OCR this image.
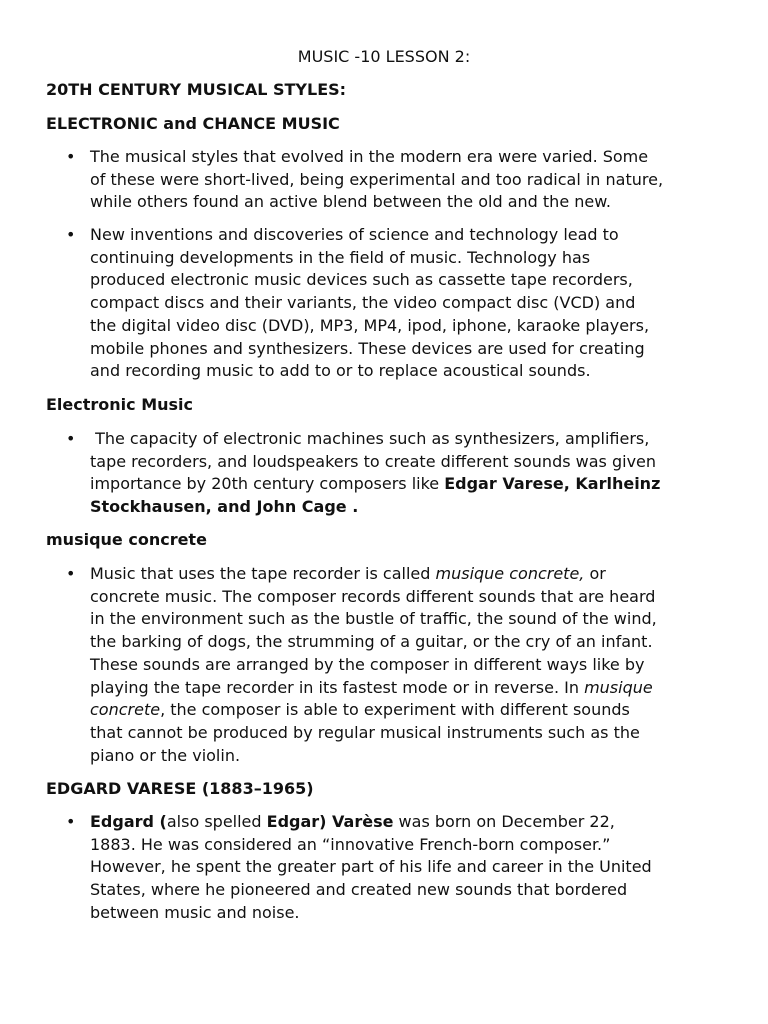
MUSIC -10 LESSON 2:
20TH CENTURY MUSICAL STYLES:
ELECTRONIC and CHANCE MUSIC
• The musical styles that evolved in the modern era were varied. Some
of these were short-lived, being experimental and too radical in nature,
while others found an active blend between the old and the new.
• New inventions and discoveries of science and technology lead to
continuing developments in the field of music. Technology has
produced electronic music devices such as cassette tape recorders,
compact discs and their variants, the video compact disc (VCD) and
the digital video disc (DVD), MP3, MP4, ipod, iphone, karaoke players,
mobile phones and synthesizers. These devices are used for creating
and recording music to add to or to replace acoustical sounds.
Electronic Music
• The capacity of electronic machines such as synthesizers, amplifiers,
tape recorders, and loudspeakers to create different sounds was given
importance by 20th century composers like Edgar Varese, Karlheinz
Stockhausen, and John Cage .
musique concrete
• Music that uses the tape recorder is called musique concrete, or
concrete music. The composer records different sounds that are heard
in the environment such as the bustle of traffic, the sound of the wind,
the barking of dogs, the strumming of a guitar, or the cry of an infant.
These sounds are arranged by the composer in different ways like by
playing the tape recorder in its fastest mode or in reverse. In musique
concrete, the composer is able to experiment with different sounds
that cannot be produced by regular musical instruments such as the
piano or the violin.
EDGARD VARESE (1883–1965)
• Edgard (also spelled Edgar) Varèse was born on December 22,
1883. He was considered an “innovative French-born composer.”
However, he spent the greater part of his life and career in the United
States, where he pioneered and created new sounds that bordered
between music and noise.
